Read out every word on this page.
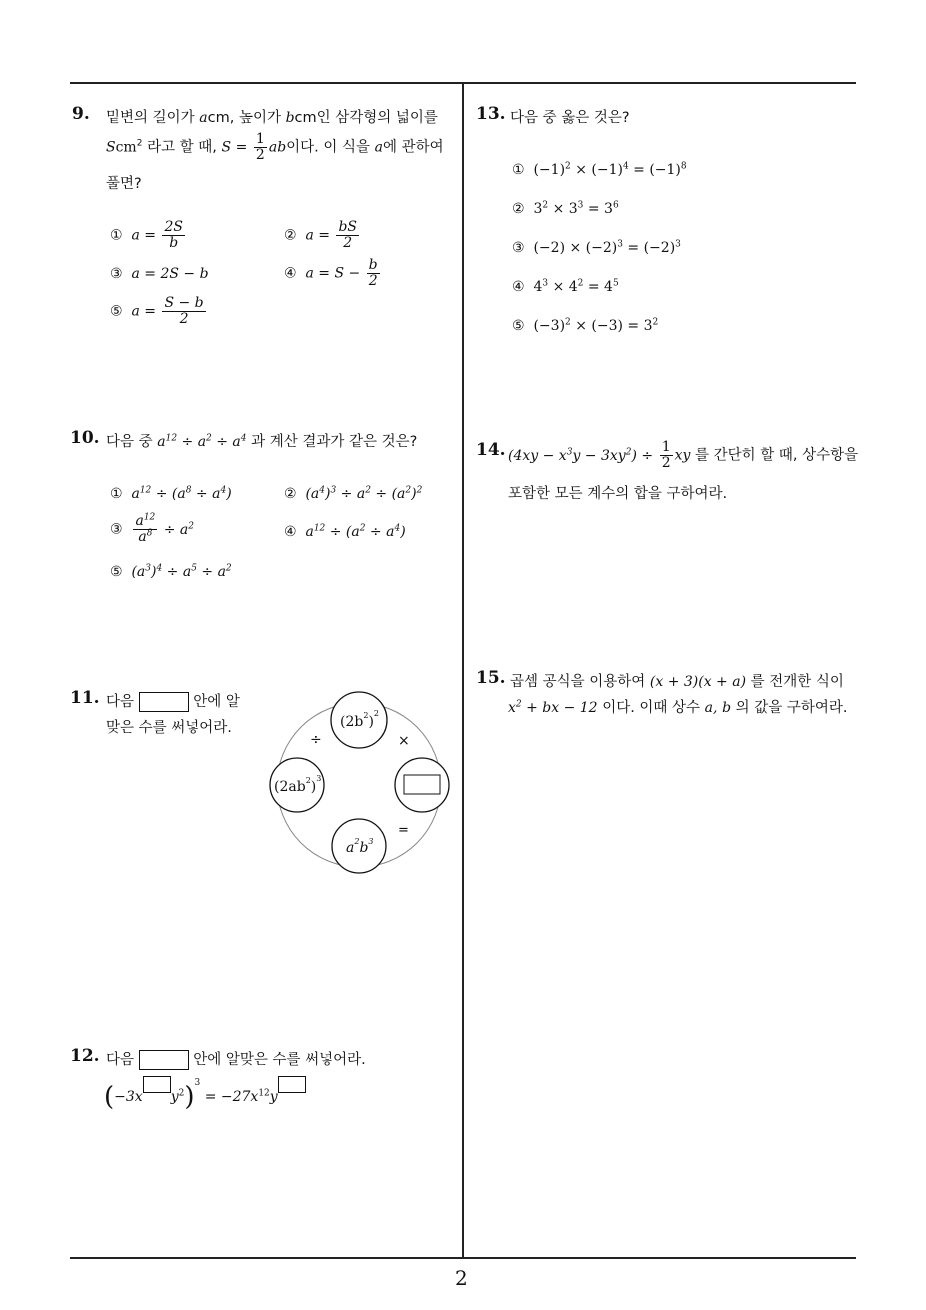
2
9. 밑변의 길이가 acm, 높이가 bcm인 삼각형의 넓이를
Scm$^2$ 라고 할 때, $S = \frac{1}{2}$ ab이다. 이 식을 a에 관하여
풀면?
① $a = \frac{2S}{b}$	② $a = \frac{bS}{2}$
③ a = 2S − b	④ $a = S - \frac{b}{2}$
⑤ $a = \frac{S - b}{2}$
10. 다음 중 $a^{12} \div a^2 \div a^4$ 과 계산 결과가 같은 것은?
① $a^{12} \div (a^8 \div a^4)$	② $(a^4)^3 \div a^2 \div (a^2)^2$
③ $\frac{a^{12}}{a^8} \div a^2$	④ $a^{12} \div (a^2 \div a^4)$
⑤ $(a^3)^4 \div a^5 \div a^2$
11. 다음	안에 알
맞은 수를 써넣어라.	$(2b^2)^2$
$(2ab^2)^3$
$a^2b^3$
÷	×
=
12. 다음	안에 알맞은 수를 써넣어라.
(−3x $y^2)^3 = -27x^{12}y$
13. 다음 중 옳은 것은?
① $(-1)^2 \times (-1)^4 = (-1)^8$
② $3^2 \times 3^3 = 3^6$
③ $(-2) \times (-2)^3 = (-2)^3$
④ $4^3 \times 4^2 = 4^5$
⑤ $(-3)^2 \times (-3) = 3^2$
14. $(4xy - x^3y - 3xy^2) \div \frac{1}{2}$ xy 를 간단히 할 때, 상수항을
포함한 모든 계수의 합을 구하여라.
15. 곱셈 공식을 이용하여 (x + 3)(x + a) 를 전개한 식이
$x^2$ + bx − 12 이다. 이때 상수 a, b 의 값을 구하여라.
